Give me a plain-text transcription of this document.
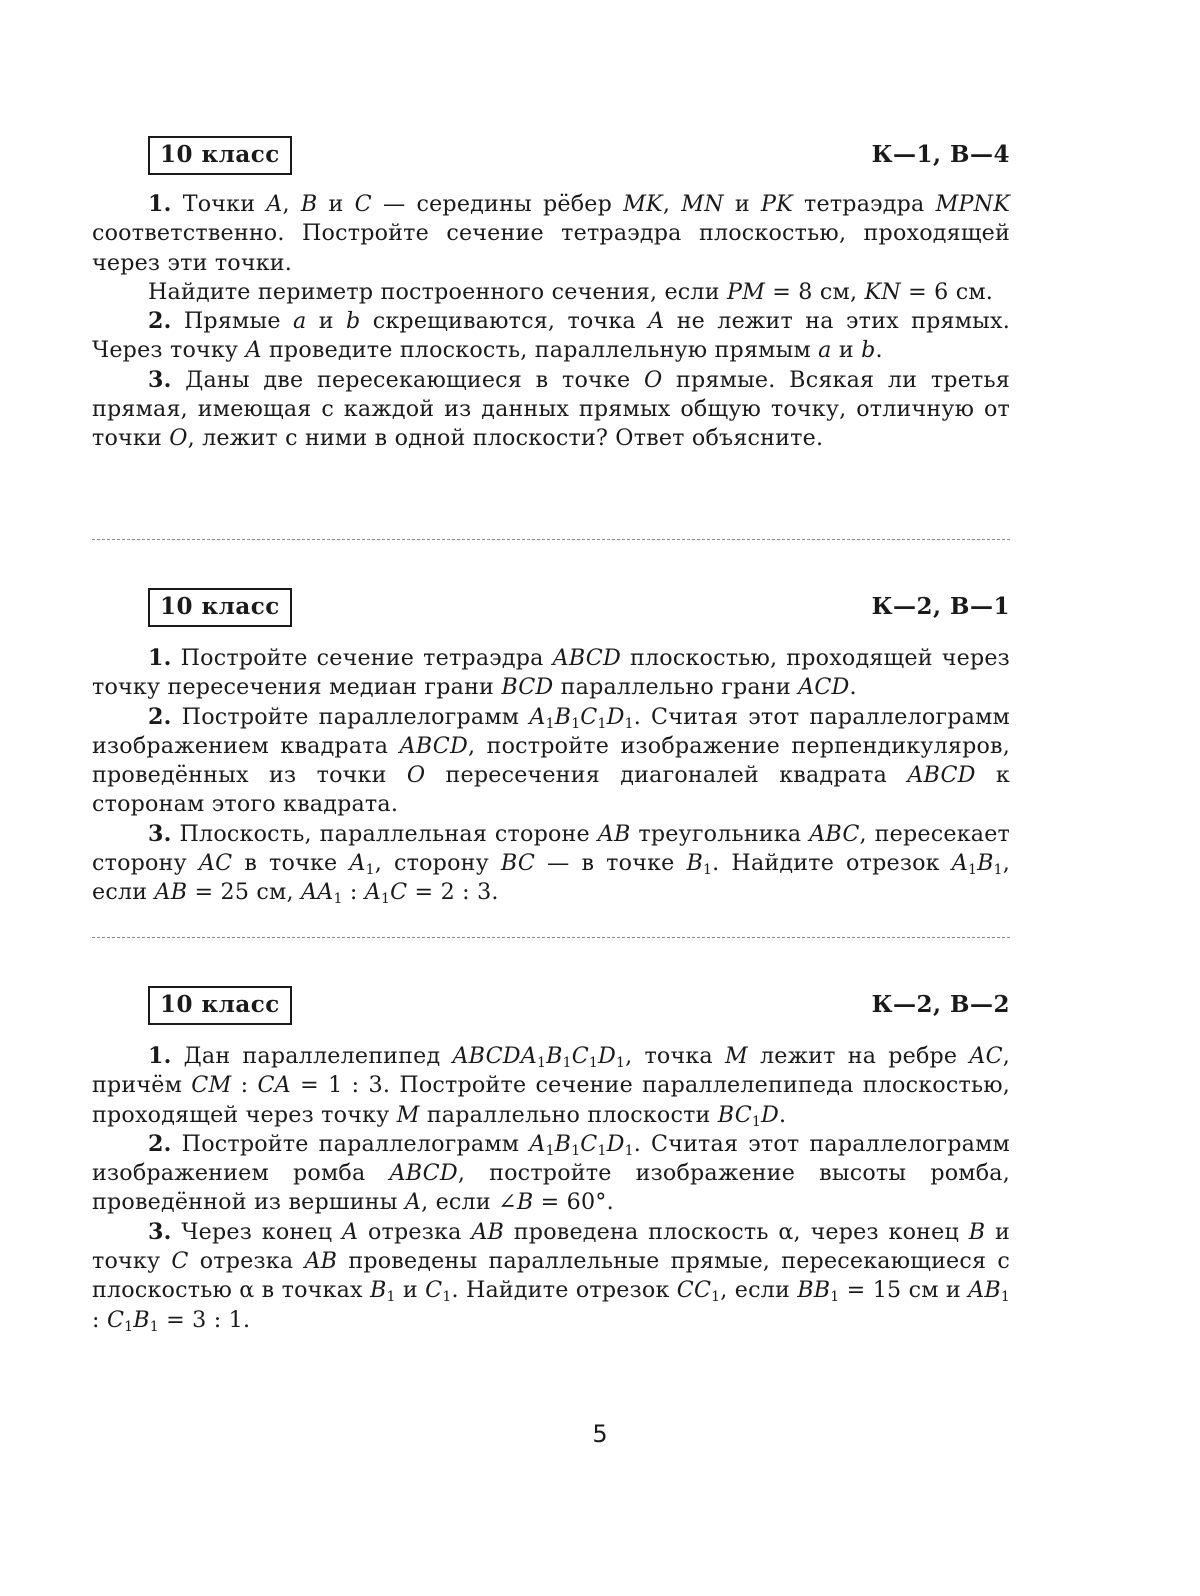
10 класс	К—1, В—4

1. Точки A, B и C — середины рёбер MK, MN и PK тетраэдра MPNK соответственно. Постройте сечение тетраэдра плоскостью, проходящей через эти точки.

Найдите периметр построенного сечения, если PM = 8 см, KN = 6 см.

2. Прямые a и b скрещиваются, точка A не лежит на этих прямых. Через точку A проведите плоскость, параллельную прямым a и b.

3. Даны две пересекающиеся в точке O прямые. Всякая ли третья прямая, имеющая с каждой из данных прямых общую точку, отличную от точки O, лежит с ними в одной плоскости? Ответ объясните.

10 класс	К—2, В—1

1. Постройте сечение тетраэдра ABCD плоскостью, проходящей через точку пересечения медиан грани BCD параллельно грани ACD.

2. Постройте параллелограмм $A_1B_1C_1D_1$. Считая этот параллелограмм изображением квадрата ABCD, постройте изображение перпендикуляров, проведённых из точки O пересечения диагоналей квадрата ABCD к сторонам этого квадрата.

3. Плоскость, параллельная стороне AB треугольника ABC, пересекает сторону AC в точке $A_1$, сторону BC — в точке $B_1$. Найдите отрезок $A_1B_1$, если AB = 25 см, $AA_1$ : $A_1C = 2$ : 3.

10 класс	К—2, В—2

1. Дан параллелепипед $ABCDA_1B_1C_1D_1$, точка M лежит на ребре AC, причём CM : CA = 1 : 3. Постройте сечение параллелепипеда плоскостью, проходящей через точку M параллельно плоскости $BC_1D$.

2. Постройте параллелограмм $A_1B_1C_1D_1$. Считая этот параллелограмм изображением ромба ABCD, постройте изображение высоты ромба, проведённой из вершины A, если ∠B = 60°.

3. Через конец A отрезка AB проведена плоскость α, через конец B и точку C отрезка AB проведены параллельные прямые, пересекающиеся с плоскостью α в точках $B_1$ и $C_1$. Найдите отрезок $CC_1$, если $BB_1 = 15$ см и $AB_1$ : $C_1B_1 = 3$ : 1.

5
